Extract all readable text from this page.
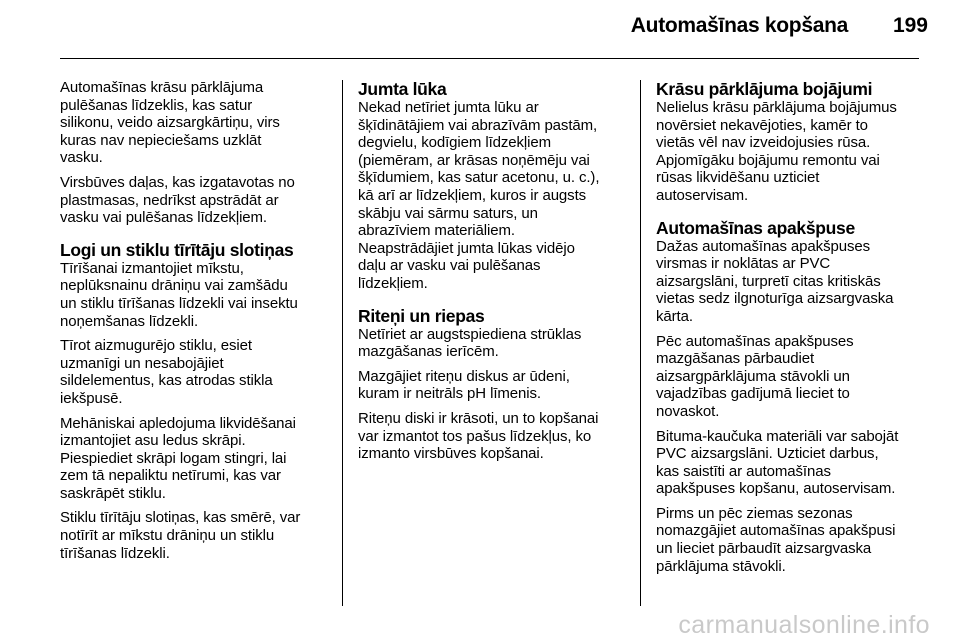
Automašīnas kopšana	199

Automašīnas krāsu pārklājuma
pulēšanas līdzeklis, kas satur
silikonu, veido aizsargkārtiņu, virs
kuras nav nepieciešams uzklāt
vasku.

Virsbūves daļas, kas izgatavotas no
plastmasas, nedrīkst apstrādāt ar
vasku vai pulēšanas līdzekļiem.

Logi un stiklu tīrītāju slotiņas

Tīrīšanai izmantojiet mīkstu,
neplūksnainu drāniņu vai zamšādu
un stiklu tīrīšanas līdzekli vai insektu
noņemšanas līdzekli.

Tīrot aizmugurējo stiklu, esiet
uzmanīgi un nesabojājiet
sildelementus, kas atrodas stikla
iekšpusē.

Mehāniskai apledojuma likvidēšanai
izmantojiet asu ledus skrāpi.
Piespiediet skrāpi logam stingri, lai
zem tā nepaliktu netīrumi, kas var
saskrāpēt stiklu.

Stiklu tīrītāju slotiņas, kas smērē, var
notīrīt ar mīkstu drāniņu un stiklu
tīrīšanas līdzekli.

Jumta lūka

Nekad netīriet jumta lūku ar
šķīdinātājiem vai abrazīvām pastām,
degvielu, kodīgiem līdzekļiem
(piemēram, ar krāsas noņēmēju vai
šķīdumiem, kas satur acetonu, u. c.),
kā arī ar līdzekļiem, kuros ir augsts
skābju vai sārmu saturs, un
abrazīviem materiāliem.
Neapstrādājiet jumta lūkas vidējo
daļu ar vasku vai pulēšanas
līdzekļiem.

Riteņi un riepas

Netīriet ar augstspiediena strūklas
mazgāšanas ierīcēm.

Mazgājiet riteņu diskus ar ūdeni,
kuram ir neitrāls pH līmenis.

Riteņu diski ir krāsoti, un to kopšanai
var izmantot tos pašus līdzekļus, ko
izmanto virsbūves kopšanai.

Krāsu pārklājuma bojājumi

Nelielus krāsu pārklājuma bojājumus
novērsiet nekavējoties, kamēr to
vietās vēl nav izveidojusies rūsa.
Apjomīgāku bojājumu remontu vai
rūsas likvidēšanu uzticiet
autoservisam.

Automašīnas apakšpuse

Dažas automašīnas apakšpuses
virsmas ir noklātas ar PVC
aizsargslāni, turpretī citas kritiskās
vietas sedz ilgnoturīga aizsargvaska
kārta.

Pēc automašīnas apakšpuses
mazgāšanas pārbaudiet
aizsargpārklājuma stāvokli un
vajadzības gadījumā lieciet to
novaskot.

Bituma-kaučuka materiāli var sabojāt
PVC aizsargslāni. Uzticiet darbus,
kas saistīti ar automašīnas
apakšpuses kopšanu, autoservisam.

Pirms un pēc ziemas sezonas
nomazgājiet automašīnas apakšpusi
un lieciet pārbaudīt aizsargvaska
pārklājuma stāvokli.

carmanualsonline.info
